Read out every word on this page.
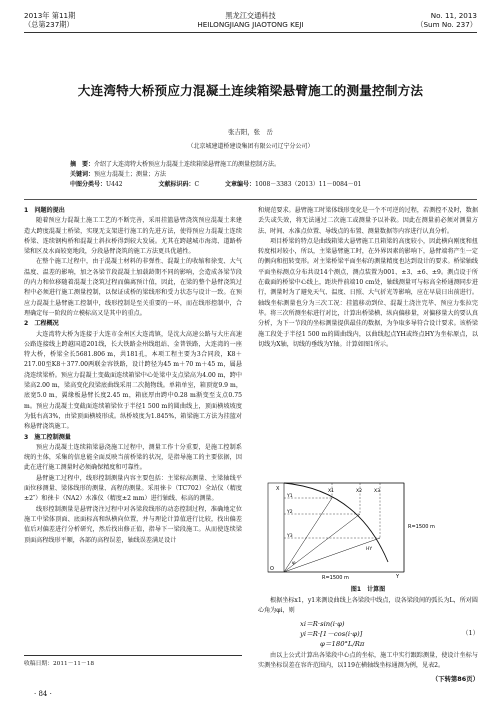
2013年 第11期
（总第237期）
黑龙江交通科技
HEILONGJIANG JIAOTONG KEJI
No. 11, 2013
（Sum No. 237）
大连湾特大桥预应力混凝土连续箱梁悬臂施工的测量控制方法
张吉阳，张　岳
（北京城建道桥建设集团有限公司辽宁分公司）
摘　要：介绍了大连湾特大桥预应力混凝土连续箱梁悬臂施工的测量控制方法。
关键词：预应力混凝土；测量；方法
中图分类号：U442	文献标识码：C	文章编号：1008－3383（2013）11－0084－01

1　问题的提出

随着预应力混凝土施工工艺的不断完善，采用挂篮悬臂浇筑预应混凝土来建造大跨度混凝土桥梁，实现无支架进行施工的先进方法，使得预应力混凝土连续桥梁、连续钢构桥和混凝土斜拉桥得到较大发展。尤其在跨越城市海湾、道路桥梁和区及水面较宽地段，分段悬臂浇筑的施工方法更具优越性。

在整个施工过程中，由于混凝土材料的非弹性、混凝土的收缩和徐变、大气温度、温差的影响，加之各梁节段混凝土加载龄期不同的影响，会造成各梁节段的内力和位移随着混凝土浇筑过程而偏离预计值，因此，在梁的整个悬臂浇筑过程中必须进行施工测量控制，以保证成桥的梁线形和受力状态与设计一致。在预应力混凝土悬臂施工控制中，线形控制是至关重要的一环，而在线形控制中，合理确定每一阶段的立模标高又是其中的重点。

2　工程概况

大连湾特大桥为连接于大连市金州区大连湾镇，是沈大高速公路与大庄高速公路连接线上跨越国道201线，长大铁路金州线组站、金普铁路，大连湾的一座特大桥，桥梁全长5681.806 m，共181孔，本项工程主要为3合同段，K8＋217.00至K8＋377.00两联金容铁路，设计跨径为45 m＋70 m＋45 m，属悬浇连续梁桥。预应力混凝土变截面连续箱梁中心处梁中支点梁高为4.00 m，跨中梁高2.00 m，梁高变化段梁底曲线采用二次抛物线。单箱单室，箱顶宽9.9 m，底宽5.0 m，翼缘板悬臂长度2.45 m，箱底厚由跨中0.28 m渐变至支点0.75 m。预应力混凝土变截面连续箱梁位于半径1 500 m的圆曲线上，顶面横坡坡度为低右高3%，由梁顶面横坡形成。纵桥坡度为1.845%，箱梁施工方法为挂篮对称悬臂浇筑施工。

3　施工控制测量

预应力混凝土连续箱梁悬浇施工过程中，测量工作十分重要，是施工控制系统的主体，采集的信息能全面反映当前桥梁的状况，是指导施工的主要依据，因此在进行施工测量时必须确保精度和可靠性。

悬臂施工过程中，线形控制测量内容主要包括：主梁标高测量、主梁轴线平面位移测量、梁体线形的测量、高程的测量。采用徕卡（TC702）全站仪（精度±2″）和徕卡（NA2）水准仪（精度±2 mm）进行轴线、标高的测量。

线形控制测量是悬臂浇注过程中对各梁段线形的动态控制过程，准确地定位施工中梁体顶面、底面标高和纵横向位置，并与理论计算值进行比较，找出偏差值后对偏差进行分析研究，然后找出修正值，指导下一梁段施工。从而使连续梁顶面高程线形平顺，各部的高程误差，轴线误差满足设计

收稿日期：2011－11－18
· 84 ·

和规范要求。悬臂施工时梁体线形变化是一个不可逆的过程，若测控不及时，数据丢失或失效，将无法通过二次施工或测量予以补救。因此在测量前必须对测量方法、时间、水准点位置、导线点的布置、测量数据等内容进行认真分析。

项目桥梁的特点是曲线箱梁大悬臂施工且箱梁的高度较小，因此横向刚度和扭转度相对较小，所以，主梁悬臂施工时，在外界因素的影响下，悬臂端将产生一定的侧向和扭转变形。对主梁桥梁平面坐标的测量精度也达到设计的要求。桥梁轴线平面坐标测点分布共设14个测点，测点装置为001、±3、±6、±9。测点设于所在截面的桥梁中心线上，距块件前端10 cm处，轴线测量可与标高全桥通测同步进行，测量时为了避免天气、温度、日照、大气折光等影响，应在早晨日出前进行。轴线坐标测量也分为三次工况：挂篮移动到位、混凝土浇注完毕、预应力张拉完毕。将三次所测坐标进行对比，计算出桥梁横、纵向偏移量，对偏移量大的要认真分析，为下一节段的坐标测量提供最佳的数据，为争取多导符合设计要求。该桥梁施工段处于半径1 500 m的圆曲线内，以曲线起点YH或终点HY为坐标原点，以切线为X轴，切线的垂线为Y轴。计算如图1所示。

X	X1	X2	X3
Y1
Y2
Y3
O
Y
φ
HY
R=1500 m
R=1500 m
图1　计算图

根据坐标x1，y1来测设曲线上各梁段中线点，设各梁段间的弧长为L，所对圆心角为φi，则

xi＝R·sin(i·φ)
yi＝R·[1－cos(i·φ)]	（1）
φ＝180°L/Rπ

由以上公式计算出各梁段中心点的坐标，施工中实行跟踪测量，使设计坐标与实测坐标误差在容许范围内，以119在横轴线坐标通测为例，见表2。

（下转第86页）
